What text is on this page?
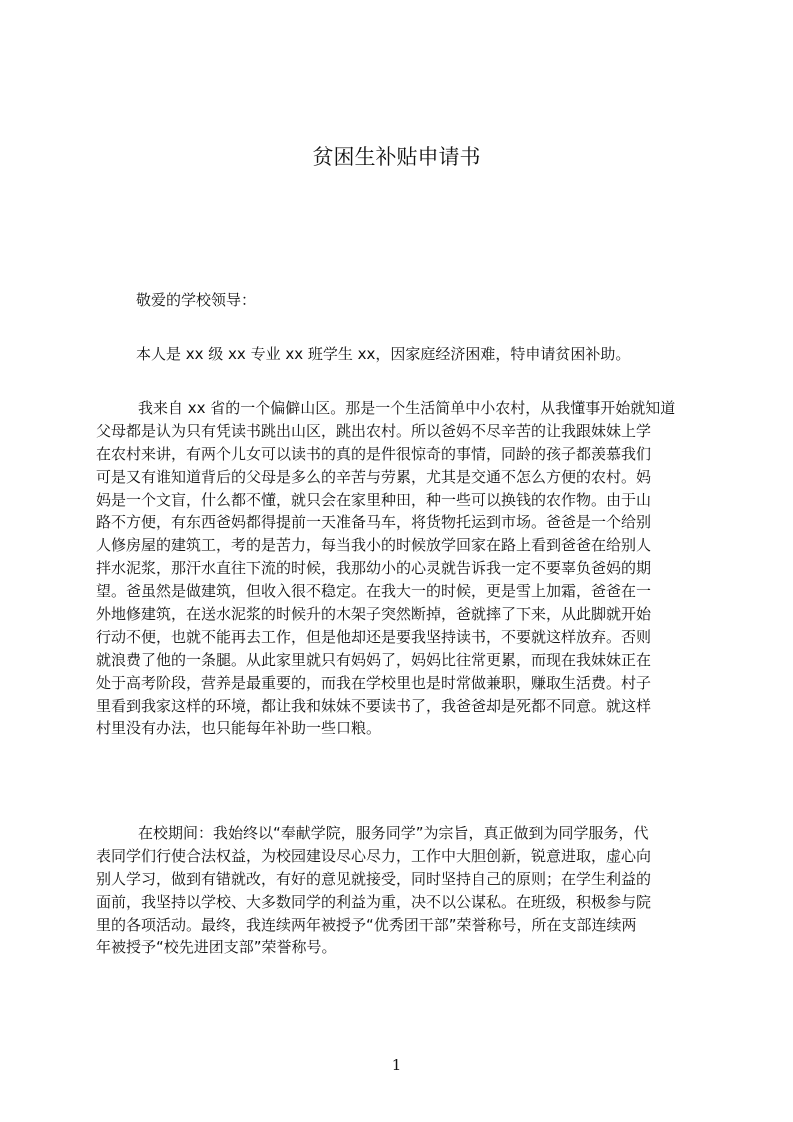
贫困生补贴申请书

敬爱的学校领导：

本人是 xx 级 xx 专业 xx 班学生 xx，因家庭经济困难，特申请贫困补助。

我来自 xx 省的一个偏僻山区。那是一个生活简单中小农村，从我懂事开始就知道
父母都是认为只有凭读书跳出山区，跳出农村。所以爸妈不尽辛苦的让我跟妹妹上学
在农村来讲，有两个儿女可以读书的真的是件很惊奇的事情，同龄的孩子都羡慕我们
可是又有谁知道背后的父母是多么的辛苦与劳累，尤其是交通不怎么方便的农村。妈
妈是一个文盲，什么都不懂，就只会在家里种田，种一些可以换钱的农作物。由于山
路不方便，有东西爸妈都得提前一天准备马车，将货物托运到市场。爸爸是一个给别
人修房屋的建筑工，考的是苦力，每当我小的时候放学回家在路上看到爸爸在给别人
拌水泥浆，那汗水直往下流的时候，我那幼小的心灵就告诉我一定不要辜负爸妈的期
望。爸虽然是做建筑，但收入很不稳定。在我大一的时候，更是雪上加霜，爸爸在一
外地修建筑，在送水泥浆的时候升的木架子突然断掉，爸就摔了下来，从此脚就开始
行动不便，也就不能再去工作，但是他却还是要我坚持读书，不要就这样放弃。否则
就浪费了他的一条腿。从此家里就只有妈妈了，妈妈比往常更累，而现在我妹妹正在
处于高考阶段，营养是最重要的，而我在学校里也是时常做兼职，赚取生活费。村子
里看到我家这样的环境，都让我和妹妹不要读书了，我爸爸却是死都不同意。就这样
村里没有办法，也只能每年补助一些口粮。
在校期间：我始终以“奉献学院，服务同学”为宗旨，真正做到为同学服务，代
表同学们行使合法权益，为校园建设尽心尽力，工作中大胆创新，锐意进取，虚心向
别人学习，做到有错就改，有好的意见就接受，同时坚持自己的原则；在学生利益的
面前，我坚持以学校、大多数同学的利益为重，决不以公谋私。在班级，积极参与院
里的各项活动。最终，我连续两年被授予“优秀团干部”荣誉称号，所在支部连续两
年被授予“校先进团支部”荣誉称号。
1
